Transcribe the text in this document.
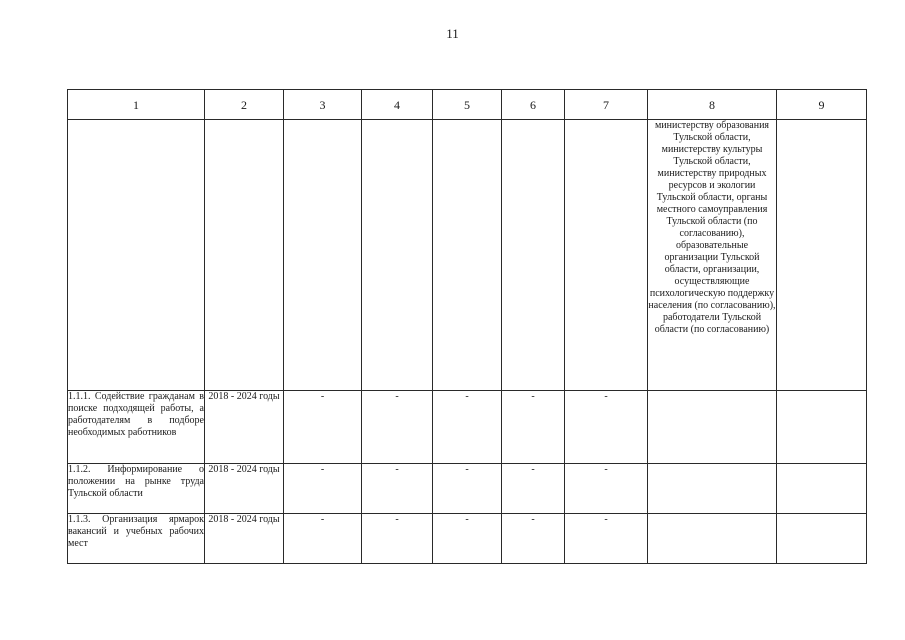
11
1	2	3	4	5	6	7	8	9
							министерству образования Тульской области, министерству культуры Тульской области, министерству природных ресурсов и экологии Тульской области, органы местного самоуправления Тульской области (по согласованию), образовательные организации Тульской области, организации, осуществляющие психологическую поддержку населения (по согласованию), работодатели Тульской области (по согласованию)	
1.1.1. Содействие гражданам в поиске подходящей работы, а работодателям в подборе необходимых работников	2018 - 2024 годы	-	-	-	-	-		
1.1.2. Информирование о положении на рынке труда Тульской области	2018 - 2024 годы	-	-	-	-	-		
1.1.3. Организация ярмарок вакансий и учебных рабочих мест	2018 - 2024 годы	-	-	-	-	-		
